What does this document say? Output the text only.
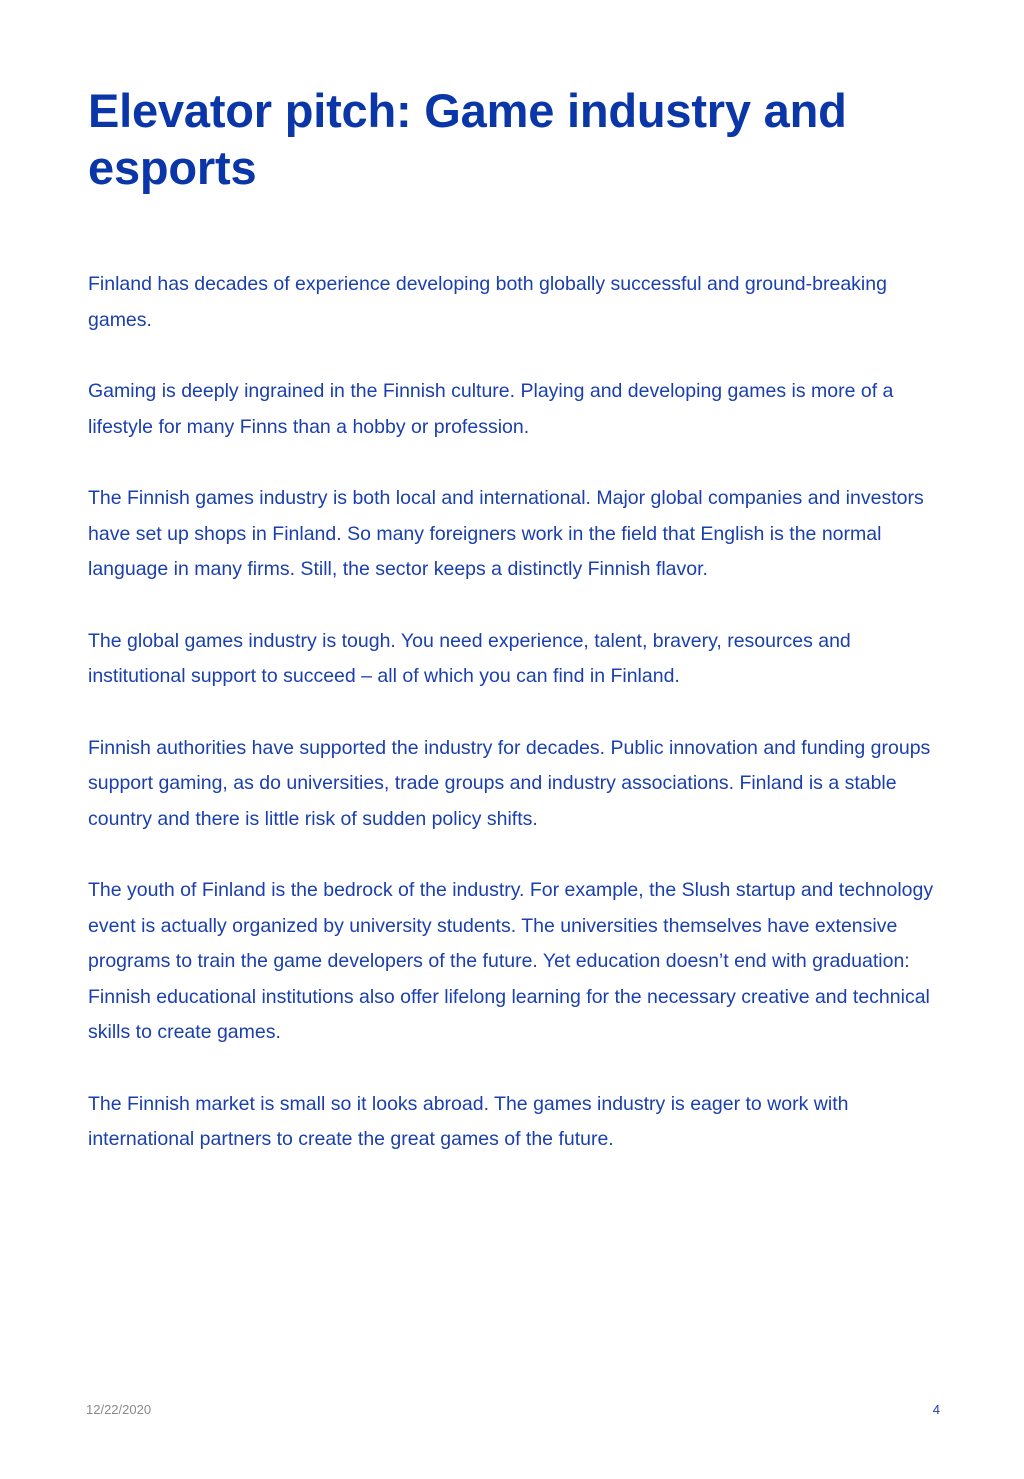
Elevator pitch: Game industry and esports

Finland has decades of experience developing both globally successful and ground-breaking games.

Gaming is deeply ingrained in the Finnish culture. Playing and developing games is more of a lifestyle for many Finns than a hobby or profession.

The Finnish games industry is both local and international. Major global companies and investors have set up shops in Finland. So many foreigners work in the field that English is the normal language in many firms. Still, the sector keeps a distinctly Finnish flavor.

The global games industry is tough. You need experience, talent, bravery, resources and institutional support to succeed – all of which you can find in Finland.

Finnish authorities have supported the industry for decades. Public innovation and funding groups support gaming, as do universities, trade groups and industry associations. Finland is a stable country and there is little risk of sudden policy shifts.

The youth of Finland is the bedrock of the industry. For example, the Slush startup and technology event is actually organized by university students. The universities themselves have extensive programs to train the game developers of the future. Yet education doesn’t end with graduation: Finnish educational institutions also offer lifelong learning for the necessary creative and technical skills to create games.

The Finnish market is small so it looks abroad. The games industry is eager to work with international partners to create the great games of the future.

12/22/2020	4
